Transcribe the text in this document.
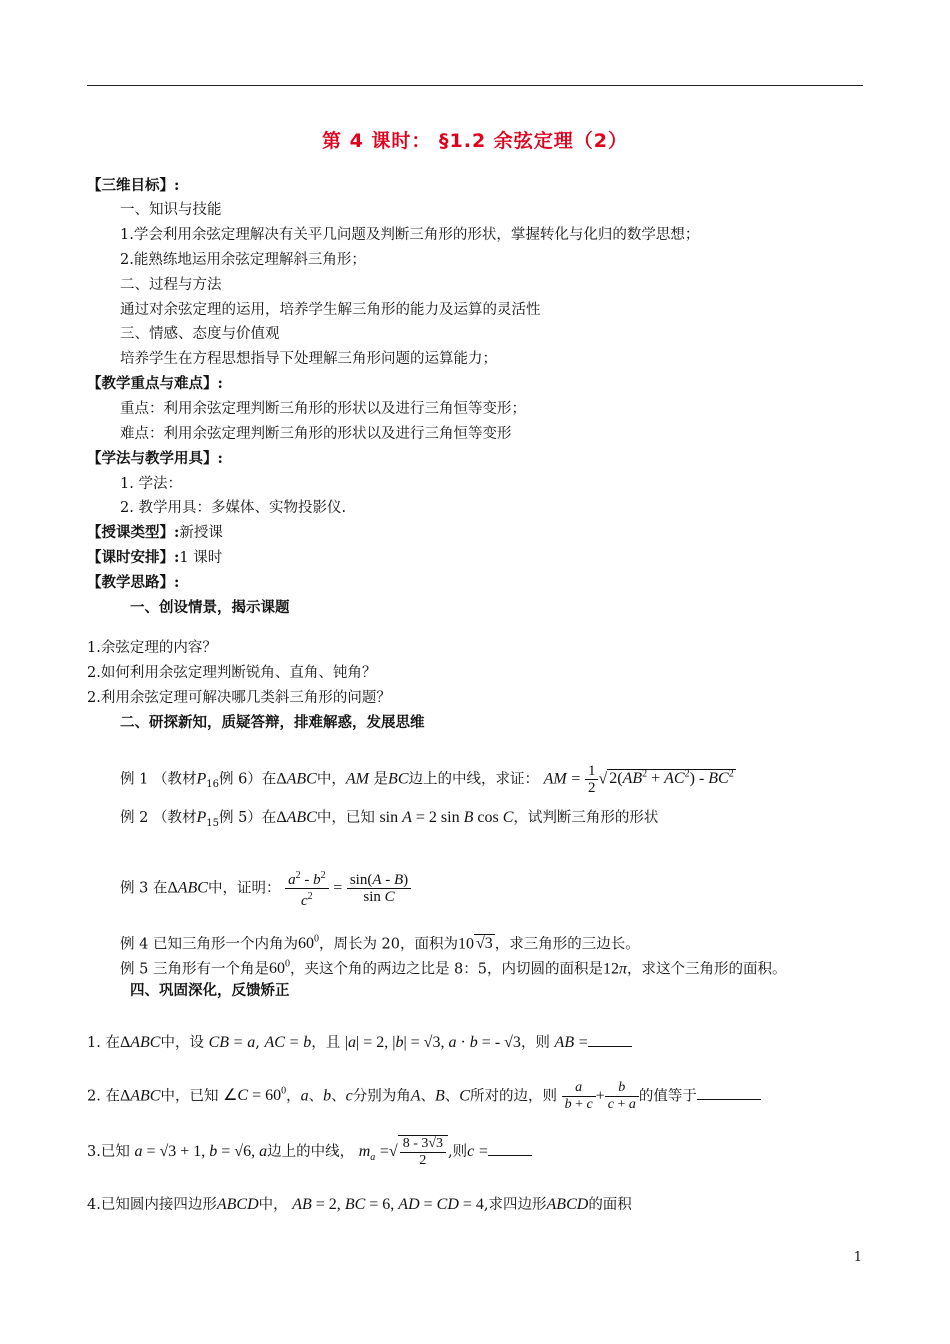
第 4 课时： §1.2 余弦定理（2）
【三维目标】:
一、知识与技能
1.学会利用余弦定理解决有关平几问题及判断三角形的形状，掌握转化与化归的数学思想；
2.能熟练地运用余弦定理解斜三角形；
二、过程与方法
通过对余弦定理的运用，培养学生解三角形的能力及运算的灵活性
三、情感、态度与价值观
培养学生在方程思想指导下处理解三角形问题的运算能力；
【教学重点与难点】:
重点：利用余弦定理判断三角形的形状以及进行三角恒等变形；
难点：利用余弦定理判断三角形的形状以及进行三角恒等变形
【学法与教学用具】:
1. 学法：
2. 教学用具：多媒体、实物投影仪.
【授课类型】:新授课
【课时安排】:1 课时
【教学思路】:
一、创设情景，揭示课题
1.余弦定理的内容？
2.如何利用余弦定理判断锐角、直角、钝角？
2.利用余弦定理可解决哪几类斜三角形的问题？
二、研探新知，质疑答辩，排难解惑，发展思维
例 1 （教材$P_{16}$例 6）在ΔABC中，AM 是BC边上的中线，求证： AM = $\frac{1}{2}$ √ $2(AB^2 + AC^2) - BC^2$
例 2 （教材$P_{15}$例 5）在ΔABC中，已知 sin A = 2 sin B cos C，试判断三角形的形状
例 3 在ΔABC中，证明： $\frac{a^2 - b^2}{c^2} = \frac{\sin(A - B)}{\text{sin C}}$
例 4 已知三角形一个内角为$60^0$，周长为 20，面积为10 √3 ，求三角形的三边长。
例 5 三角形有一个角是$60^0$，夹这个角的两边之比是 8：5，内切圆的面积是12π，求这个三角形的面积。
四、巩固深化，反馈矫正
1. 在ΔABC中，设 CB = a, AC = b，且 |a| = 2, |b| = √3, a · b = - √3，则 AB =
2. 在ΔABC中，已知 ∠C = $60^0$，a、b、c分别为角A、B、C所对的边，则 $\frac{a}{b + c} + \frac{b}{c + a}$ 的值等于
3.已知 a = √3 + 1, b = √6, a边上的中线， $m_a$ =√ $\frac{8 - 3√3}{2}$ ,则c =
4.已知圆内接四边形ABCD中， AB = 2, BC = 6, AD = CD = 4,求四边形ABCD的面积
1
